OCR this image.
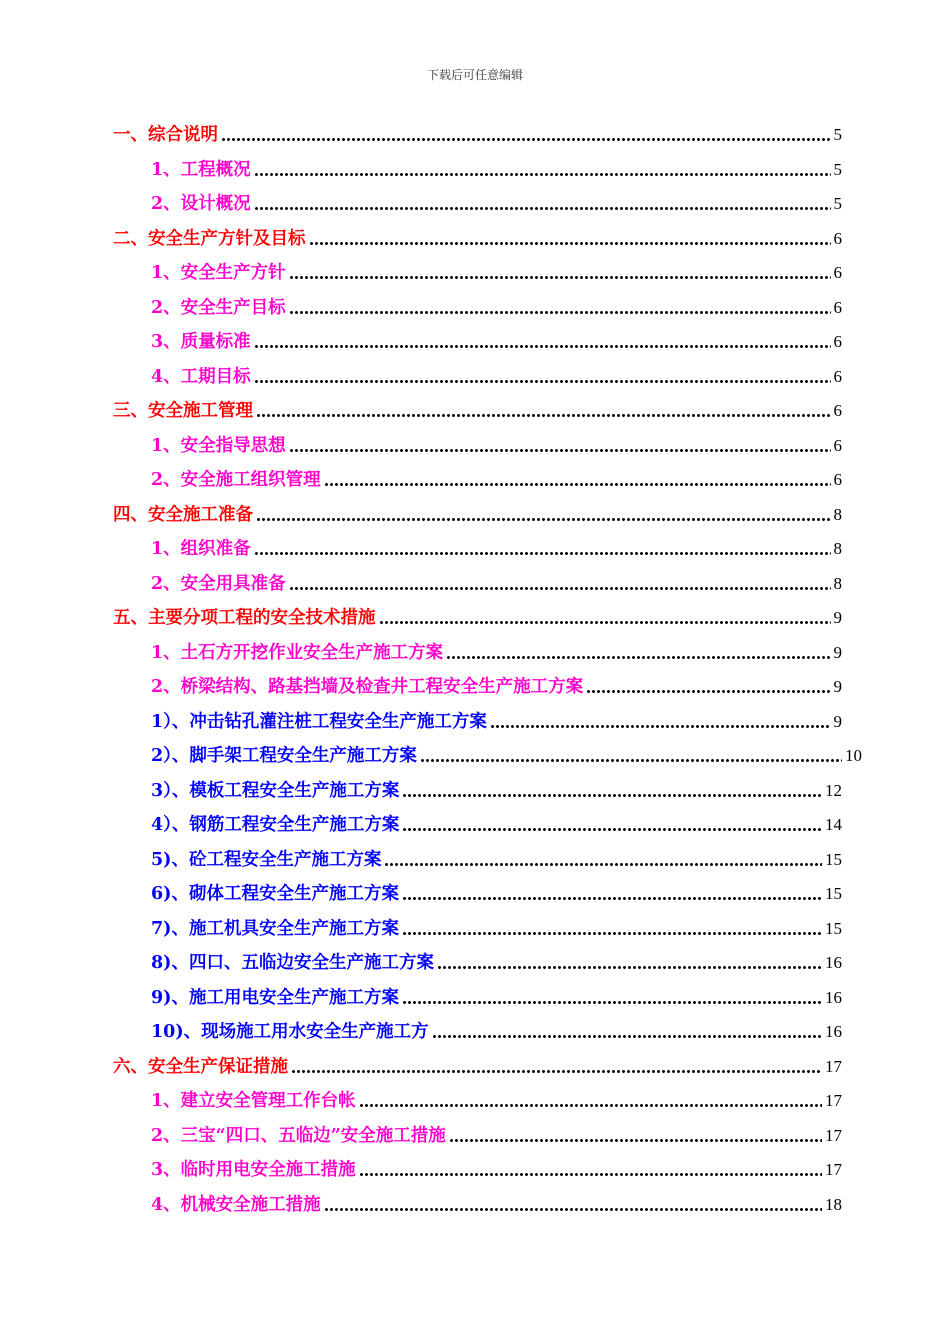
下载后可任意编辑
一、综合说明	5
1、工程概况	5
2、设计概况	5
二、安全生产方针及目标	6
1、安全生产方针	6
2、安全生产目标	6
3、质量标准	6
4、工期目标	6
三、安全施工管理	6
1、安全指导思想	6
2、安全施工组织管理	6
四、安全施工准备	8
1、组织准备	8
2、安全用具准备	8
五、主要分项工程的安全技术措施	9
1、土石方开挖作业安全生产施工方案	9
2、桥梁结构、路基挡墙及检查井工程安全生产施工方案	9
1）、冲击钻孔灌注桩工程安全生产施工方案	9
2）、脚手架工程安全生产施工方案	10
3）、模板工程安全生产施工方案	12
4）、钢筋工程安全生产施工方案	14
5)、砼工程安全生产施工方案	15
6)、砌体工程安全生产施工方案	15
7)、施工机具安全生产施工方案	15
8)、四口、五临边安全生产施工方案	16
9)、施工用电安全生产施工方案	16
10)、现场施工用水安全生产施工方	16
六、安全生产保证措施	17
1、建立安全管理工作台帐	17
2、三宝“四口、五临边”安全施工措施	17
3、临时用电安全施工措施	17
4、机械安全施工措施	18
